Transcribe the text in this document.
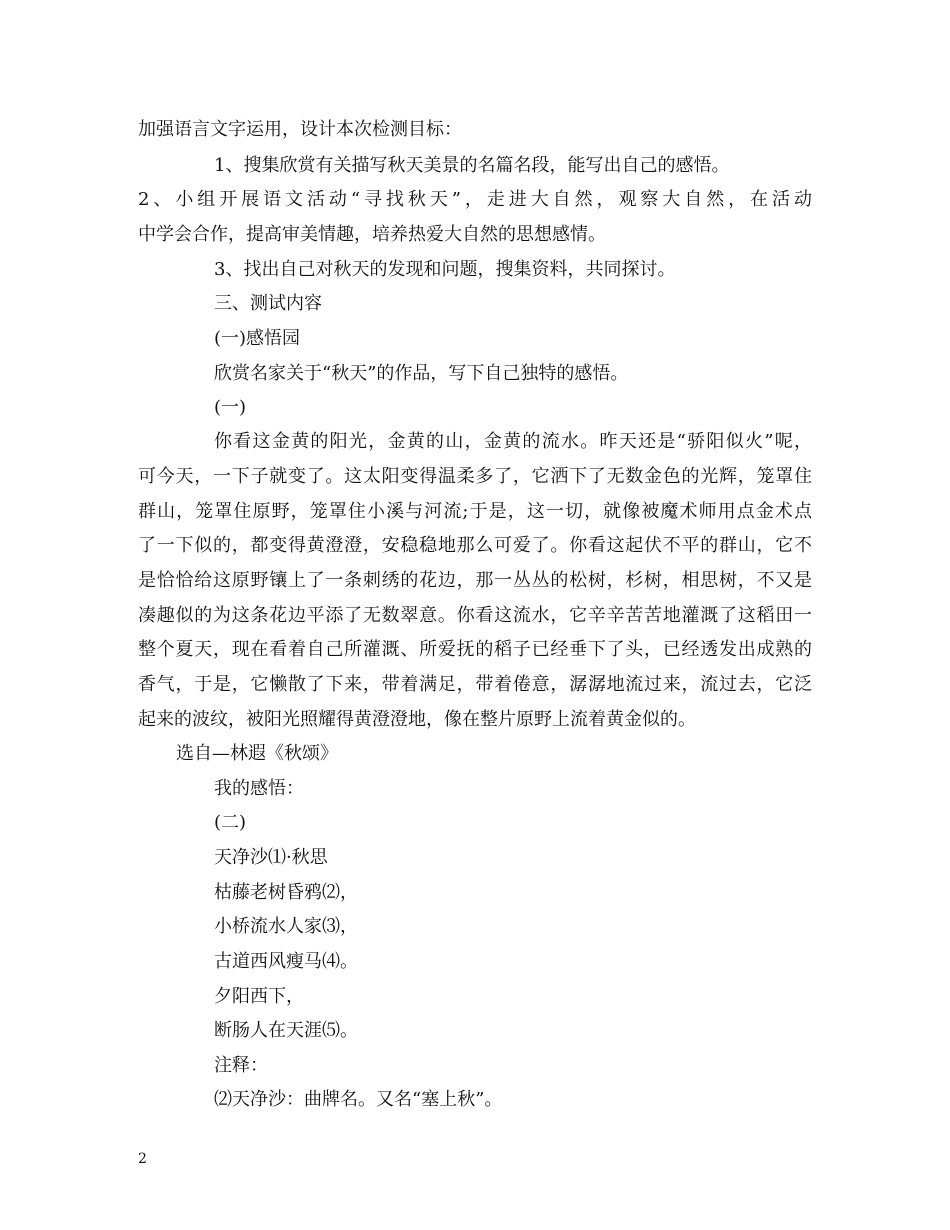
加强语言文字运用，设计本次检测目标：
1、搜集欣赏有关描写秋天美景的名篇名段，能写出自己的感悟。
2、小组开展语文活动“寻找秋天”，走进大自然，观察大自然，在活动
中学会合作，提高审美情趣，培养热爱大自然的思想感情。
3、找出自己对秋天的发现和问题，搜集资料，共同探讨。
三、测试内容
(一)感悟园
欣赏名家关于“秋天”的作品，写下自己独特的感悟。
(一)
你看这金黄的阳光，金黄的山，金黄的流水。昨天还是“骄阳似火”呢，
可今天，一下子就变了。这太阳变得温柔多了，它洒下了无数金色的光辉，笼罩住
群山，笼罩住原野，笼罩住小溪与河流;于是，这一切，就像被魔术师用点金术点
了一下似的，都变得黄澄澄，安稳稳地那么可爱了。你看这起伏不平的群山，它不
是恰恰给这原野镶上了一条刺绣的花边，那一丛丛的松树，杉树，相思树，不又是
凑趣似的为这条花边平添了无数翠意。你看这流水，它辛辛苦苦地灌溉了这稻田一
整个夏天，现在看着自己所灌溉、所爱抚的稻子已经垂下了头，已经透发出成熟的
香气，于是，它懒散了下来，带着满足，带着倦意，潺潺地流过来，流过去，它泛
起来的波纹，被阳光照耀得黄澄澄地，像在整片原野上流着黄金似的。
选自—林遐《秋颂》
我的感悟：
(二)
天净沙⑴·秋思
枯藤老树昏鸦⑵，
小桥流水人家⑶，
古道西风瘦马⑷。
夕阳西下，
断肠人在天涯⑸。
注释：
⑵天净沙：曲牌名。又名“塞上秋”。
2
